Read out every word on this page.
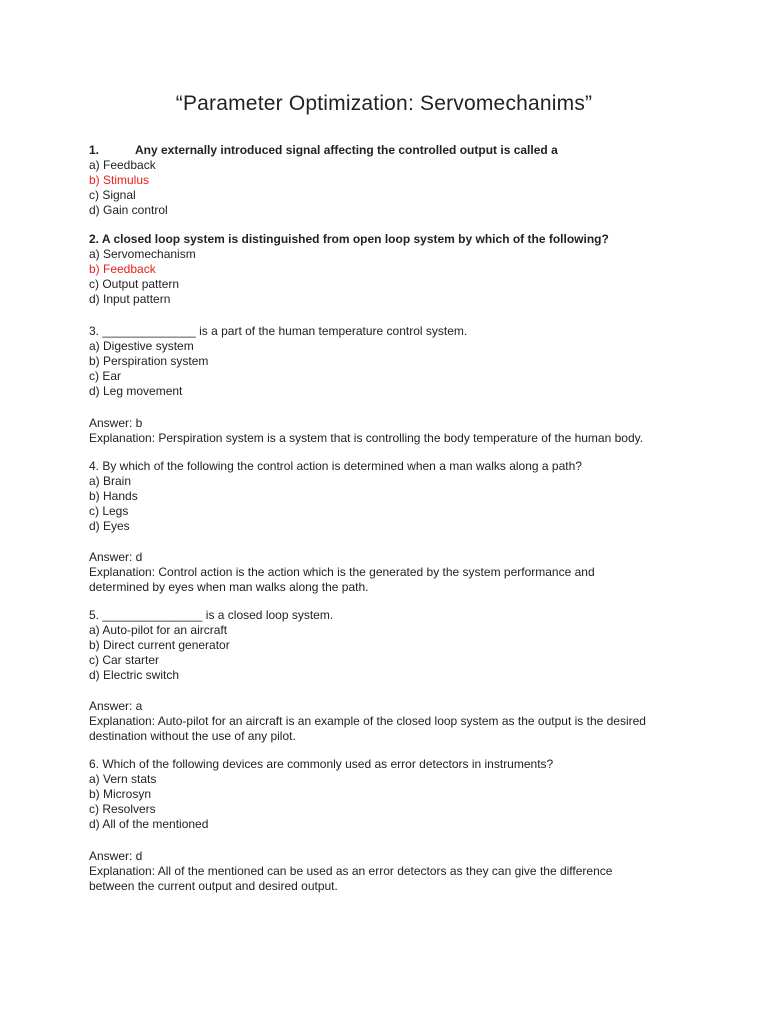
“Parameter Optimization: Servomechanims”
1.	Any externally introduced signal affecting the controlled output is called a
a) Feedback
b) Stimulus
c) Signal
d) Gain control
2. A closed loop system is distinguished from open loop system by which of the following?
a) Servomechanism
b) Feedback
c) Output pattern
d) Input pattern
3. ______________ is a part of the human temperature control system.
a) Digestive system
b) Perspiration system
c) Ear
d) Leg movement
Answer: b
Explanation: Perspiration system is a system that is controlling the body temperature of the human body.
4. By which of the following the control action is determined when a man walks along a path?
a) Brain
b) Hands
c) Legs
d) Eyes
Answer: d
Explanation: Control action is the action which is the generated by the system performance and
determined by eyes when man walks along the path.
5. _______________ is a closed loop system.
a) Auto-pilot for an aircraft
b) Direct current generator
c) Car starter
d) Electric switch
Answer: a
Explanation: Auto-pilot for an aircraft is an example of the closed loop system as the output is the desired
destination without the use of any pilot.
6. Which of the following devices are commonly used as error detectors in instruments?
a) Vern stats
b) Microsyn
c) Resolvers
d) All of the mentioned
Answer: d
Explanation: All of the mentioned can be used as an error detectors as they can give the difference
between the current output and desired output.
